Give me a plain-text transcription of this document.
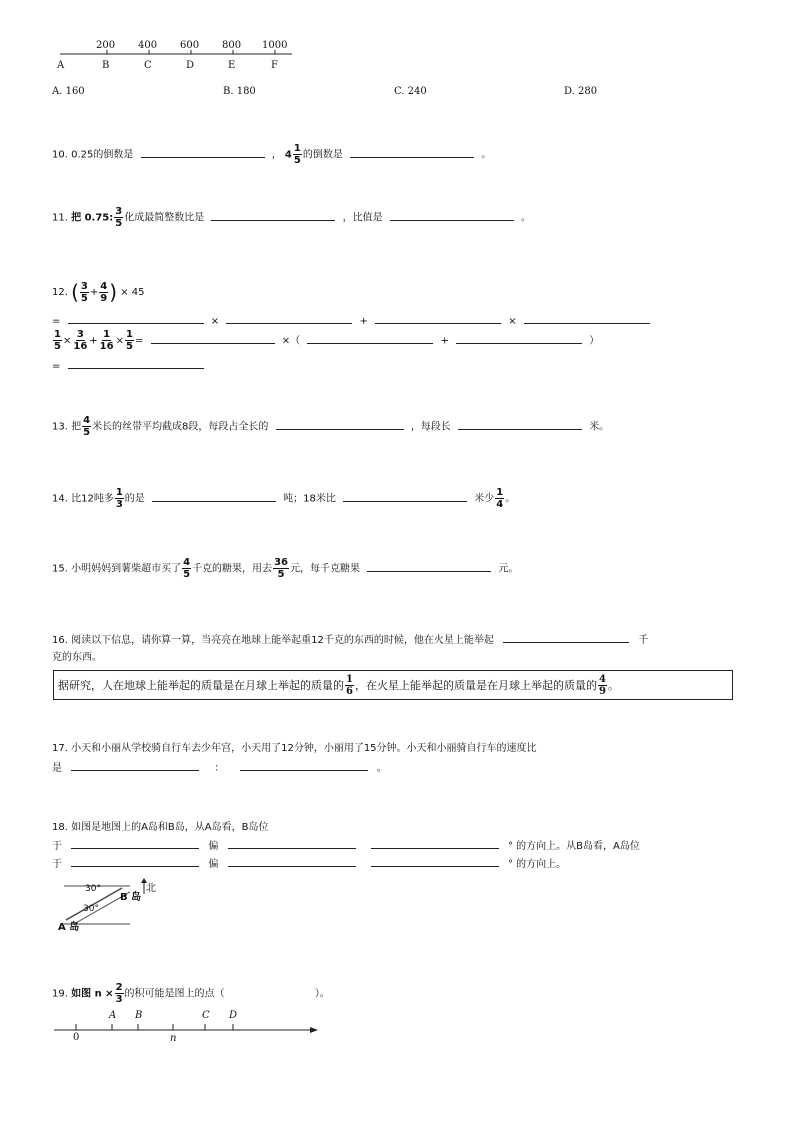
200 400 600 800 1000
A	B	C	D	E	F
A. 160	B. 180	C. 240	D. 280
10. 0.25的倒数是	， $4 \frac{1}{5}$ 的倒数是	。
11. 把 0.75: $\frac{3}{5}$ 化成最简整数比是	，比值是	。
12. ( $\frac{3}{5} + \frac{4}{9}$ ) × 45
=	×	+	×
$\frac{1}{5} \times \frac{3}{16} + \frac{1}{16} \times \frac{1}{5}$ =	×（	+	）
=
13. 把 $\frac{4}{5}$ 米长的丝带平均截成8段，每段占全长的	，每段长	米。
14. 比12吨多 $\frac{1}{3}$ 的是	吨；18米比	米少 $\frac{1}{4}$ 。
15. 小明妈妈到薯柴超市买了 $\frac{4}{5}$ 千克的糖果，用去 $\frac{36}{5}$ 元，每千克糖果	元。
16. 阅读以下信息，请你算一算，当亮亮在地球上能举起重12千克的东西的时候，他在火星上能举起	千
克的东西。
据研究，人在地球上能举起的质量是在月球上举起的质量的 $\frac{1}{6}$ ，在火星上能举起的质量是在月球上举起的质量的 $\frac{4}{9}$ 。
17. 小天和小丽从学校骑自行车去少年宫，小天用了12分钟，小丽用了15分钟。小天和小丽骑自行车的速度比
是	：	。
18. 如图是地图上的A岛和B岛，从A岛看，B岛位
于	偏	° 的方向上。从B岛看，A岛位
于	偏	° 的方向上。
30°
30°
B 岛
A 岛
北
19. 如图 $n \times \frac{2}{3}$ 的积可能是图上的点（	）。
A B	C D
0	n
